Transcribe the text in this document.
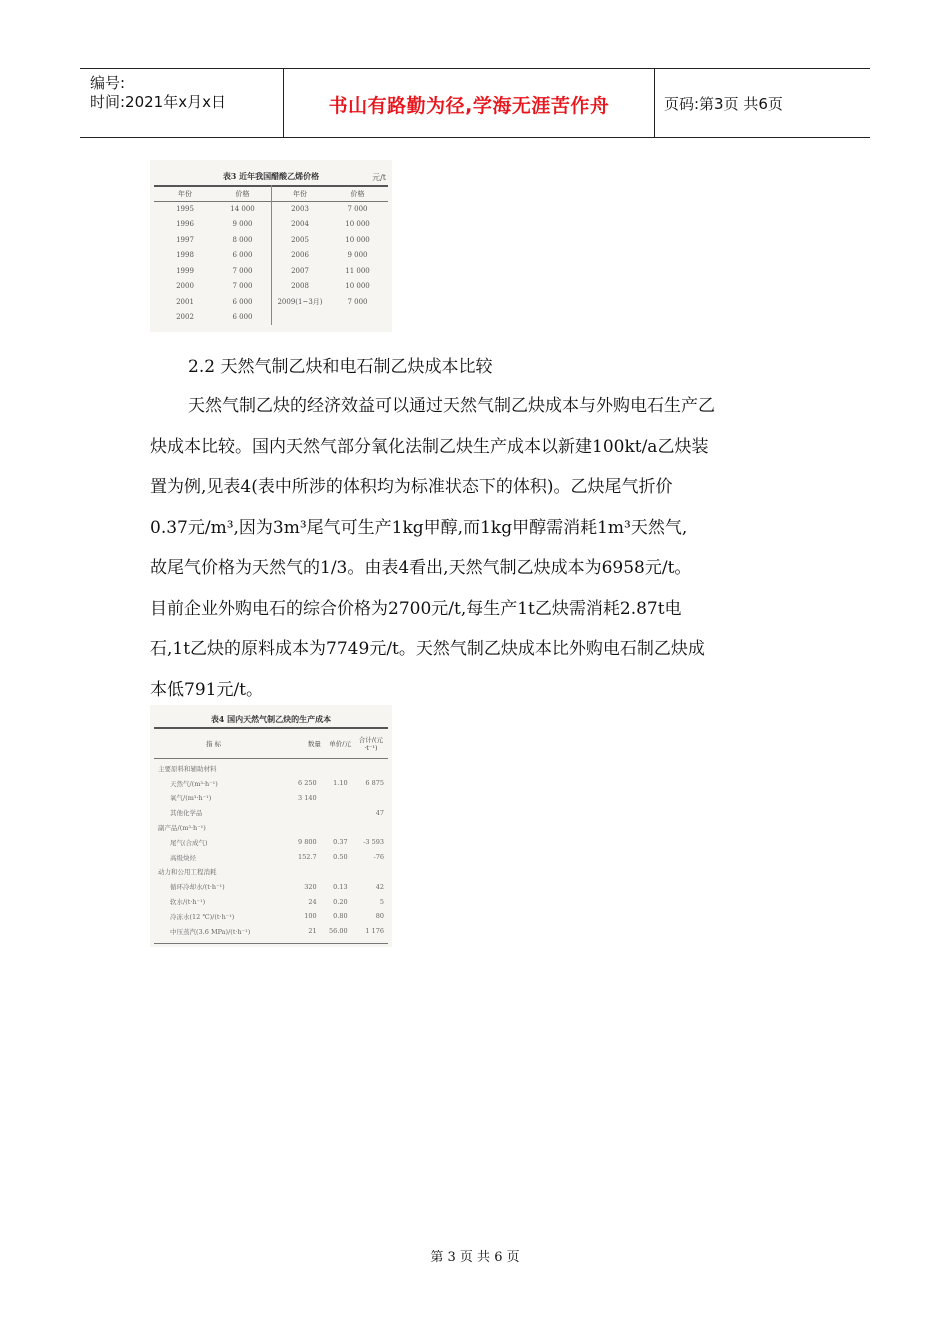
编号:
时间:2021年x月x日	书山有路勤为径,学海无涯苦作舟	页码:第3页 共6页
表3 近年我国醋酸乙烯价格	元/t
年份	价格	年份	价格
1995	14 000	2003	7 000
1996	9 000	2004	10 000
1997	8 000	2005	10 000
1998	6 000	2006	9 000
1999	7 000	2007	11 000
2000	7 000	2008	10 000
2001	6 000	2009(1~3月)	7 000
2002	6 000		
2.2 天然气制乙炔和电石制乙炔成本比较
天然气制乙炔的经济效益可以通过天然气制乙炔成本与外购电石生产乙
炔成本比较。国内天然气部分氧化法制乙炔生产成本以新建100kt/a乙炔装
置为例,见表4(表中所涉的体积均为标准状态下的体积)。乙炔尾气折价
0.37元/m³,因为3m³尾气可生产1kg甲醇,而1kg甲醇需消耗1m³天然气,
故尾气价格为天然气的1/3。由表4看出,天然气制乙炔成本为6958元/t。
目前企业外购电石的综合价格为2700元/t,每生产1t乙炔需消耗2.87t电
石,1t乙炔的原料成本为7749元/t。天然气制乙炔成本比外购电石制乙炔成
本低791元/t。
表4 国内天然气制乙炔的生产成本
指 标	数量	单价/元	合计/(元·t⁻¹)
主要原料和辅助材料			
天然气/(m³·h⁻¹)	6 250	1.10	6 875
氧气/(m³·h⁻¹)	3 140		
其他化学品			47
副产品/(m³·h⁻¹)			
尾气(合成气)	9 800	0.37	-3 593
高级炔烃	152.7	0.50	-76
动力和公用工程消耗			
循环冷却水/(t·h⁻¹)	320	0.13	42
软水/(t·h⁻¹)	24	0.20	5
冷冻水(12 ℃)/(t·h⁻¹)	100	0.80	80
中压蒸汽(3.6 MPa)/(t·h⁻¹)	21	56.00	1 176
第 3 页 共 6 页
